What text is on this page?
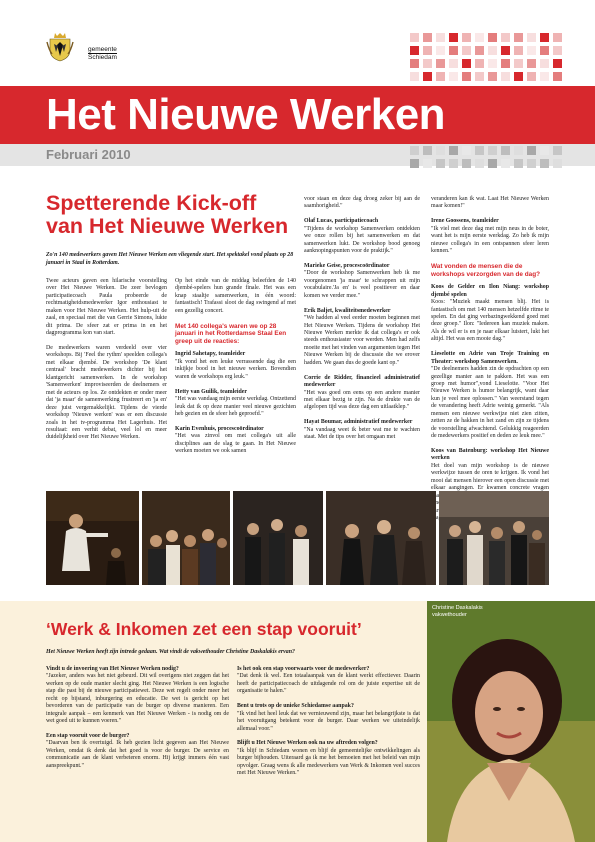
gemeente
Schiedam
Het Nieuwe Werken
Februari 2010
Spetterende Kick-off van Het Nieuwe Werken
Zo'n 140 medewerkers gaven Het Nieuwe Werken een vliegende start. Het spektakel vond plaats op 28 januari in Staal in Rotterdam.

Twee acteurs gaven een hilarische voorstelling over Het Nieuwe Werken. De zeer bevlogen participatiecoach Paula probeerde de rechtmatigheidsmedewerker Igor enthousiast te maken voor Het Nieuwe Werken. Het hulp-uit de zaal, en speciaal met die van Gerrie Simons, lukte dit prima. De sfeer zat er prima in en het dagprogramma kon van start.

De medewerkers waren verdeeld over vier workshops. Bij 'Feel the rythm' speelden collega's met elkaar djembé. De workshop 'De klant centraal' bracht medewerkers dichter bij het klantgericht samenwerken. In de workshop 'Samenwerken' improviseerden de deelnemers er met de acteurs op los. Ze ontdekten er onder meer dat 'ja maar' de samenwerking frustreert en 'ja en' deze juist vergemakkelijkt. Tijdens de vierde workshop 'Nieuwe werken' was er een discussie zoals in het tv-programma Het Lagerhuis. Het resultaat: een verhit debat, veel lol en meer duidelijkheid over Het Nieuwe Werken.

Op het einde van de middag beleefden de 140 djembé-spelers hun grande finale. Het was een knap staaltje samenwerken, in één woord: fantastisch! Trafassi sloot de dag swingend af met een gezellig concert.

Met 140 collega's waren we op 28 januari in het Rotterdamse Staal Een greep uit de reacties:

Ingrid Sahetapy, teamleider
"Ik vond het een leuke verrassende dag die een inkijkje bood in het nieuwe werken. Bovendien waren de workshops erg leuk."

Hetty van Guilik, teamleider
"Het was vandaag mijn eerste werkdag. Ontzettend leuk dat ik op deze manier veel nieuwe gezichten heb gezien en de sfeer heb geproefd."

Karin Evenhuis, procescoördinator
"Het was zinvol om met collega's uit alle disciplines aan de slag te gaan. In Het Nieuwe werken moeten we ook samen

voor staan en deze dag droeg zeker bij aan de saamhorigheid."

Olaf Lucas, participatiecoach
"Tijdens de workshop Samenwerken ontdekten we onze rollen bij het samenwerken en dat samenwerken lukt. De workshop bood genoeg aanknopingspunten voor de praktijk."

Marieke Geise, procescoördinator
"Door de workshop Samenwerken heb ik me voorgenomen 'ja maar' te schrappen uit mijn vocabulaire.'Ja en' is veel positiever en daar komen we verder mee."

Erik Baljet, kwaliteitsmedewerker
"We hadden al veel eerder moeten beginnen met Het Nieuwe Werken. Tijdens de workshop Het Nieuwe Werken merkte ik dat collega's er ook steeds enthousiaster voor werden. Men had zelfs moeite met het vinden van argumenten tegen Het Nieuwe Werken bij de discussie die we erover hadden. We gaan dus de goede kant op."

Corrie de Ridder, financieel administratief medewerker
"Het was goed om eens op een andere manier met elkaar bezig te zijn. Na de drukte van de afgelopen tijd was deze dag een uitlaatklep."

Hayat Boumar, administratief medewerker
"Na vandaag weet ik beter wat me te wachten staat. Met de tips over het omgaan met

veranderen kan ik wat. Laat Het Nieuwe Werken maar komen!"

Irene Goossens, teamleider
"Ik viel met deze dag met mijn neus in de boter, want het is mijn eerste werkdag. Zo heb ik mijn nieuwe collega's in een ontspannen sfeer leren kennen."

Wat vonden de mensen die de workshops verzorgden van de dag?

Koos de Gelder en Ilon Niang: workshop djembé spelen
Koos: "Muziek maakt mensen blij. Het is fantastisch om met 140 mensen hetzelfde ritme te spelen. En dat ging verbazingwekkend goed met deze groep." Ilon: "Iedereen kan muziek maken. Als de wil er is en je naar elkaar luistert, lukt het altijd. Het was een mooie dag."

Lieselotte en Adrie van Troje Training en Theater: workshop Samenwerken.
"De deelnemers hadden zin de opdrachten op een gezellige manier aan te pakken. Het was een groep met humor",vond Lieselotte. "Voor Het Nieuwe Werken is humor belangrijk, want daar kun je veel mee oplossen." Van weerstand tegen de verandering heeft Adrie weinig gemerkt. "Als mensen een nieuwe werkwijze niet zien zitten, zetten ze de hakken in het zand en zijn ze tijdens de voorstelling afwachtend. Gelukkig reageerden de medewerkers positief en deden ze leuk mee."

Koos van Batenburg: workshop Het Nieuwe werken
Het doel van mijn workshop is de nieuwe werkwijze tussen de oren te krijgen. Ik vond het mooi dat mensen hierover een open discussie met elkaar aangingen. Er kwamen concrete vragen naar

‘Werk & Inkomen zet een stap vooruit’
Het Nieuwe Werken heeft zijn intrede gedaan. Wat vindt de vakwethouder Christine Daskalakis ervan?

Vindt u de invoering van Het Nieuwe Werken nodig?
"Jazeker, anders was het niet gebeurd. Dit wil overigens niet zeggen dat het werken op de oude manier slecht ging. Het Nieuwe Werken is een logische stap die past bij de nieuwe participatiewet. Deze wet regelt onder meer het recht op bijstand, inburgering en educatie. De wet is gericht op het bevorderen van de participatie van de burger op diverse manieren. Een integrale aanpak – een kenmerk van Het Nieuwe Werken - is nodig om de wet goed uit te kunnen voeren."

Een stap vooruit voor de burger?
"Daarvan ben ik overtuigd. Ik heb gezien licht gegeven aan Het Nieuwe Werken, omdat ik denk dat het goed is voor de burger. De service en communicatie aan de klant verbeteren enorm. Hij krijgt immers één vast aanspreekpunt."

Is het ook een stap voorwaarts voor de medewerker?
"Dat denk ik wel. Een totaalaanpak van de klant werkt effectiever. Daarin heeft de participatiecoach de uitdagende rol om de juiste expertise uit de organisatie te halen."

Bent u trots op de unieke Schiedamse aanpak?
"Ik vind het heel leuk dat we vernieuwend zijn, maar het belangrijkste is dat het vooruitgang betekent voor de burger. Daar werken we uiteindelijk allemaal voor."

Blijft u Het Nieuwe Werken ook na uw aftreden volgen?
"Ik blijf in Schiedam wonen en blijf de gemeentelijke ontwikkelingen als burger bijhouden. Uiteraard ga ik me het bemoeien met het beleid van mijn opvolger. Graag wens ik alle medewerkers van Werk & Inkomen veel succes met Het Nieuwe Werken."

Christine Daskalakis
vakwethouder
